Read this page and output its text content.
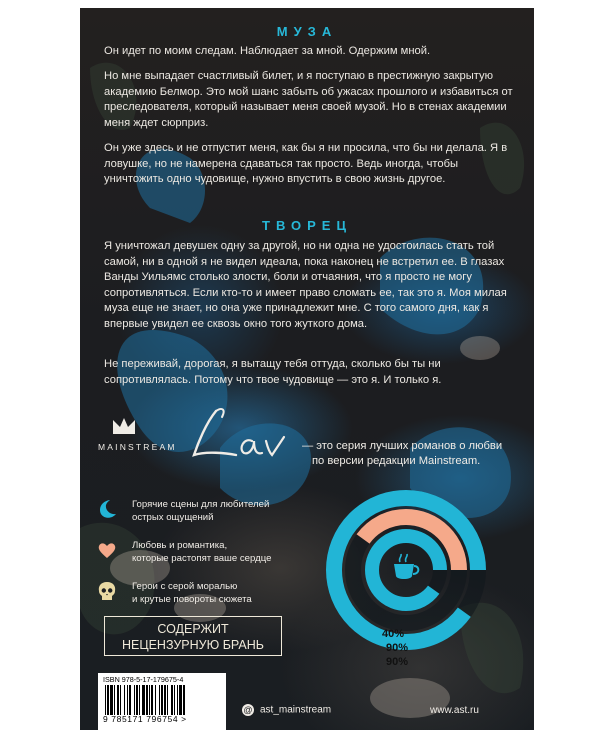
МУЗА

Он идет по моим следам. Наблюдает за мной. Одержим мной.

Но мне выпадает счастливый билет, и я поступаю в престижную закрытую академию Белмор. Это мой шанс забыть об ужасах прошлого и избавиться от преследователя, который называет меня своей музой. Но в стенах академии меня ждет сюрприз.

Он уже здесь и не отпустит меня, как бы я ни просила, что бы ни делала. Я в ловушке, но не намерена сдаваться так просто. Ведь иногда, чтобы уничтожить одно чудовище, нужно впустить в свою жизнь другое.

ТВОРЕЦ

Я уничтожал девушек одну за другой, но ни одна не удостоилась стать той самой, ни в одной я не видел идеала, пока наконец не встретил ее. В глазах Ванды Уильямс столько злости, боли и отчаяния, что я просто не могу сопротивляться. Если кто-то и имеет право сломать ее, так это я. Моя милая муза еще не знает, но она уже принадлежит мне. С того самого дня, как я впервые увидел ее сквозь окно того жуткого дома.

Не переживай, дорогая, я вытащу тебя оттуда, сколько бы ты ни сопротивлялась. Потому что твое чудовище — это я. И только я.

MAINSTREAM	— это серия лучших романов о любви
по версии редакции Mainstream.
Горячие сцены для любителей
острых ощущений
Любовь и романтика,
которые растопят ваше сердце
Герои с серой моралью
и крутые повороты сюжета
СОДЕРЖИТ
НЕЦЕНЗУРНУЮ БРАНЬ
40%
90%
90%
ISBN 978-5-17-179675-4
9 785171 796754 >
@ ast_mainstream	www.ast.ru
